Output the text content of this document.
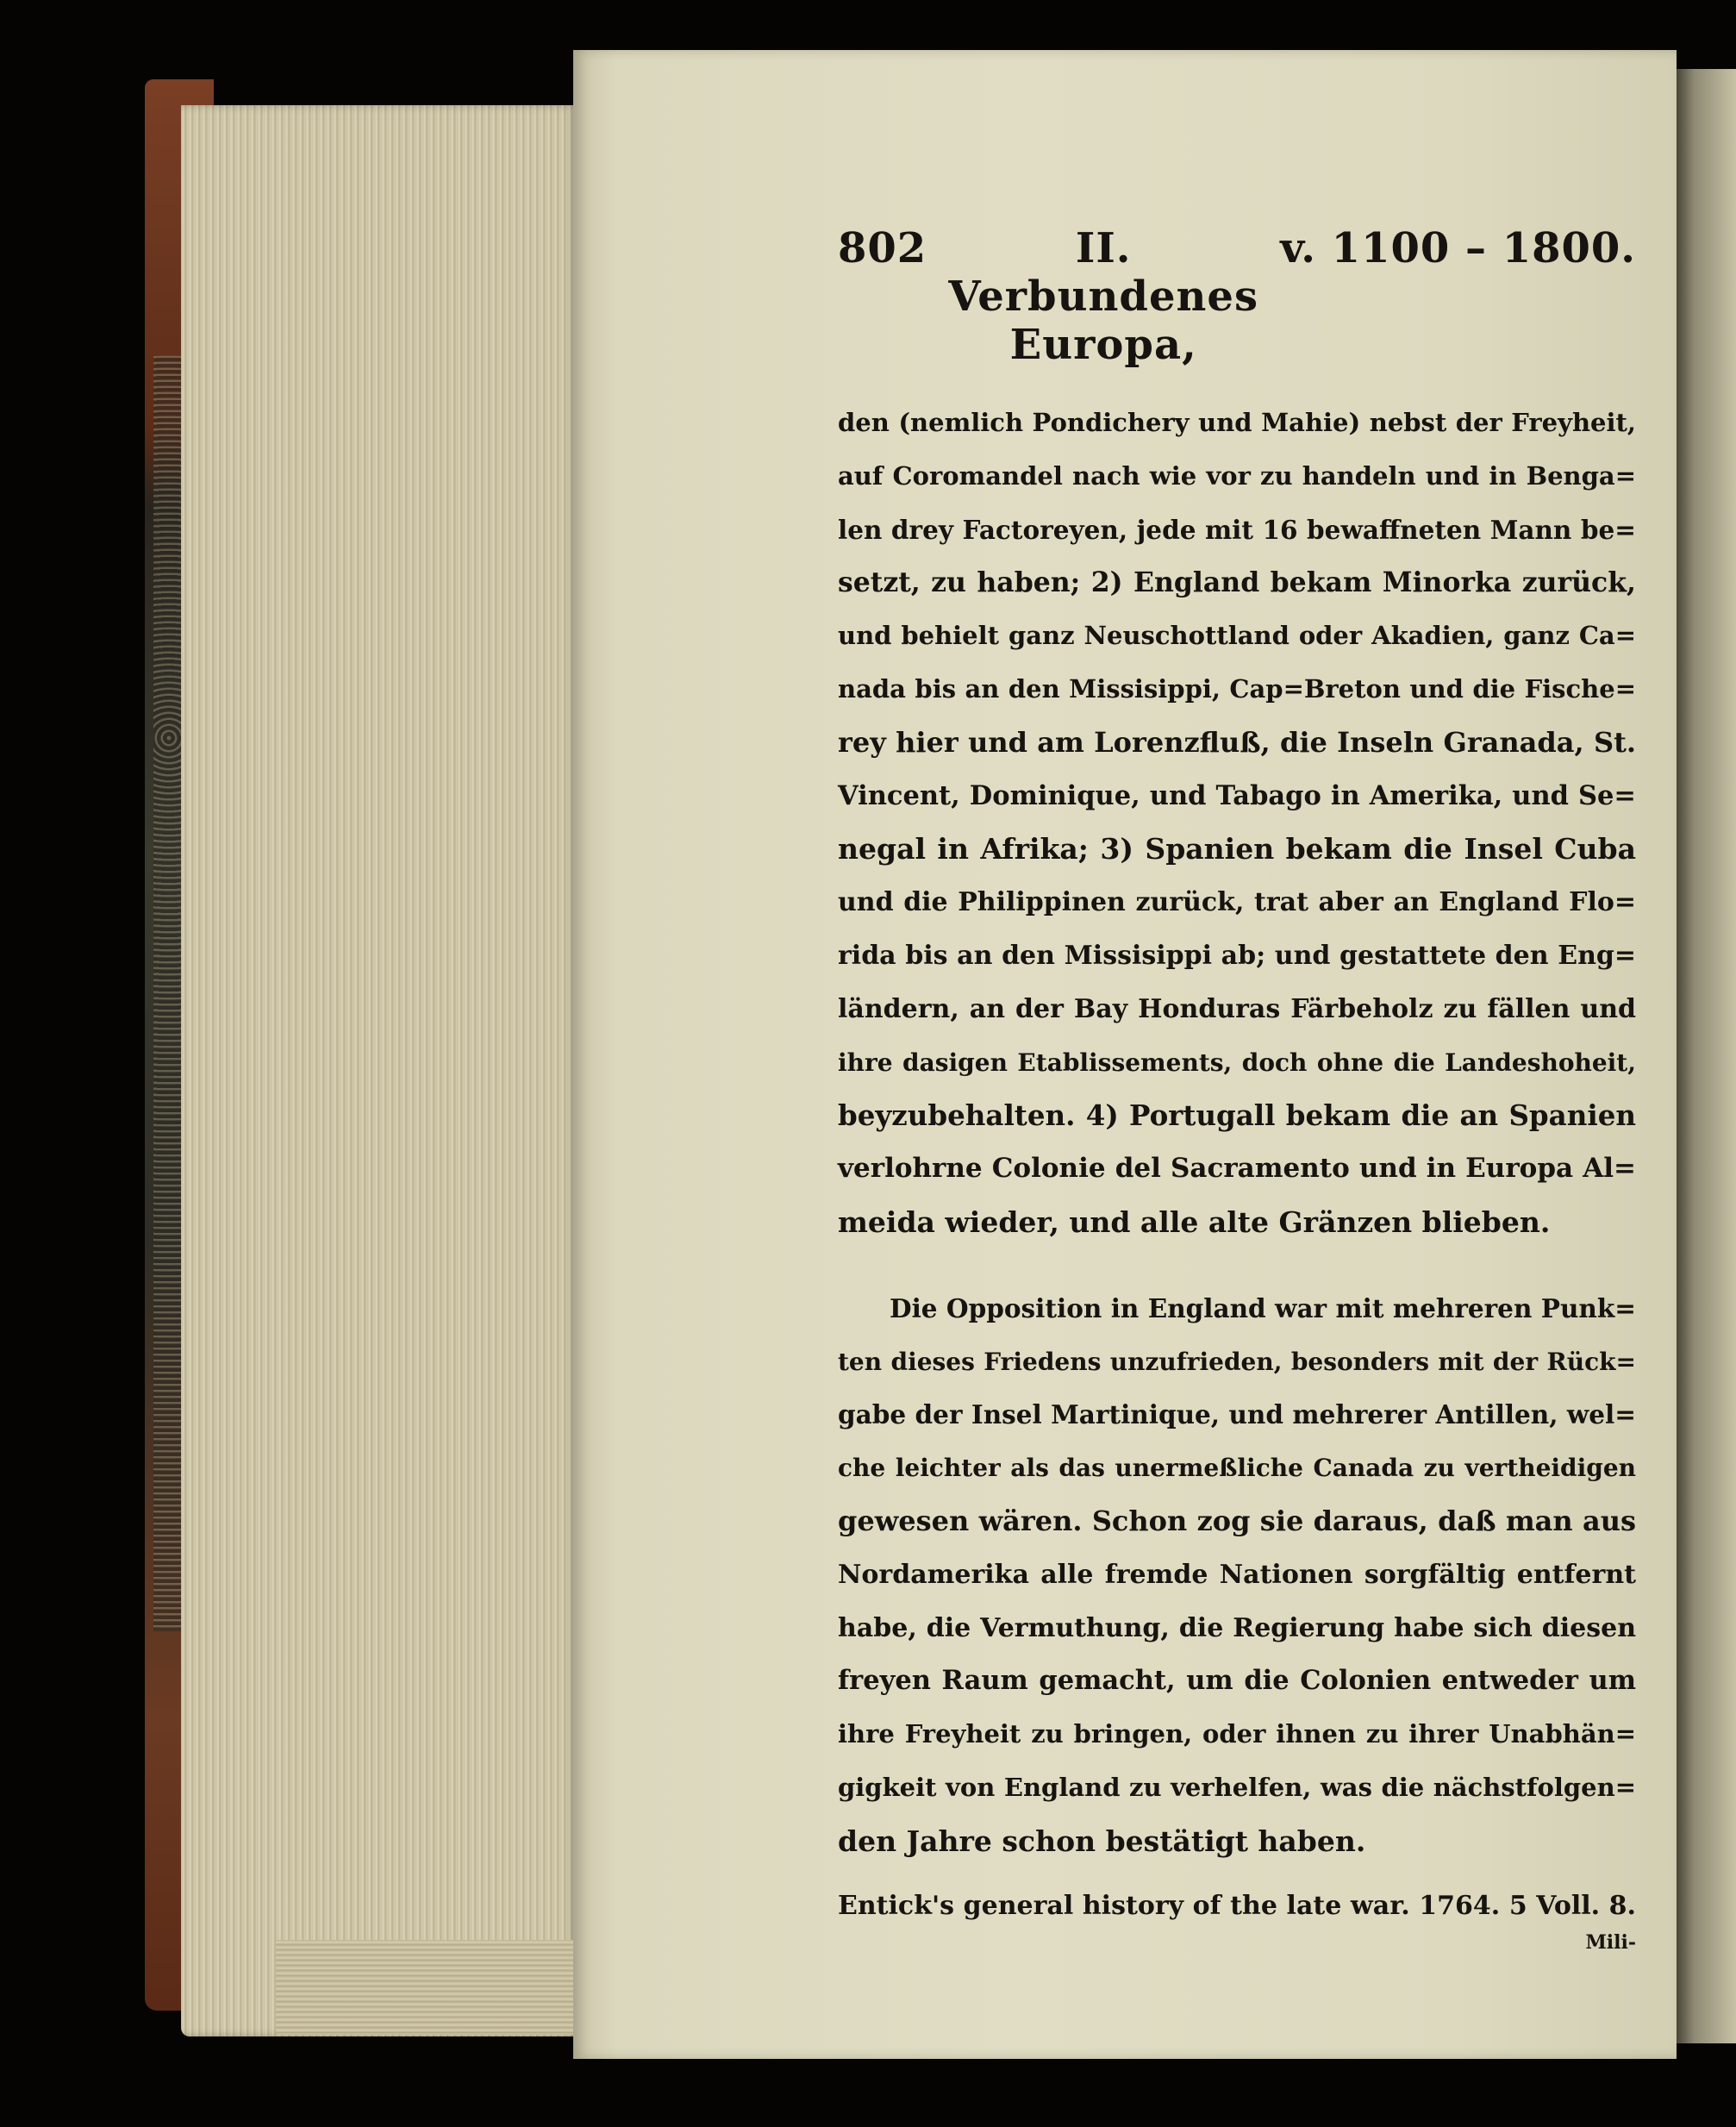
802	II. Verbundenes Europa,
v. 1100 – 1800.
den (nemlich Pondichery und Mahie) nebst der Freyheit,
auf Coromandel nach wie vor zu handeln und in Benga=
len drey Factoreyen, jede mit 16 bewaffneten Mann be=
setzt, zu haben; 2) England bekam Minorka zurück,
und behielt ganz Neuschottland oder Akadien, ganz Ca=
nada bis an den Missisippi, Cap=Breton und die Fische=
rey hier und am Lorenzfluß, die Inseln Granada, St.
Vincent, Dominique, und Tabago in Amerika, und Se=
negal in Afrika; 3) Spanien bekam die Insel Cuba
und die Philippinen zurück, trat aber an England Flo=
rida bis an den Missisippi ab; und gestattete den Eng=
ländern, an der Bay Honduras Färbeholz zu fällen und
ihre dasigen Etablissements, doch ohne die Landeshoheit,
beyzubehalten. 4) Portugall bekam die an Spanien
verlohrne Colonie del Sacramento und in Europa Al=
meida wieder, und alle alte Gränzen blieben.
Die Opposition in England war mit mehreren Punk=
ten dieses Friedens unzufrieden, besonders mit der Rück=
gabe der Insel Martinique, und mehrerer Antillen, wel=
che leichter als das unermeßliche Canada zu vertheidigen
gewesen wären. Schon zog sie daraus, daß man aus
Nordamerika alle fremde Nationen sorgfältig entfernt
habe, die Vermuthung, die Regierung habe sich diesen
freyen Raum gemacht, um die Colonien entweder um
ihre Freyheit zu bringen, oder ihnen zu ihrer Unabhän=
gigkeit von England zu verhelfen, was die nächstfolgen=
den Jahre schon bestätigt haben.
Entick's general history of the late war. 1764. 5 Voll. 8.
Mili-
